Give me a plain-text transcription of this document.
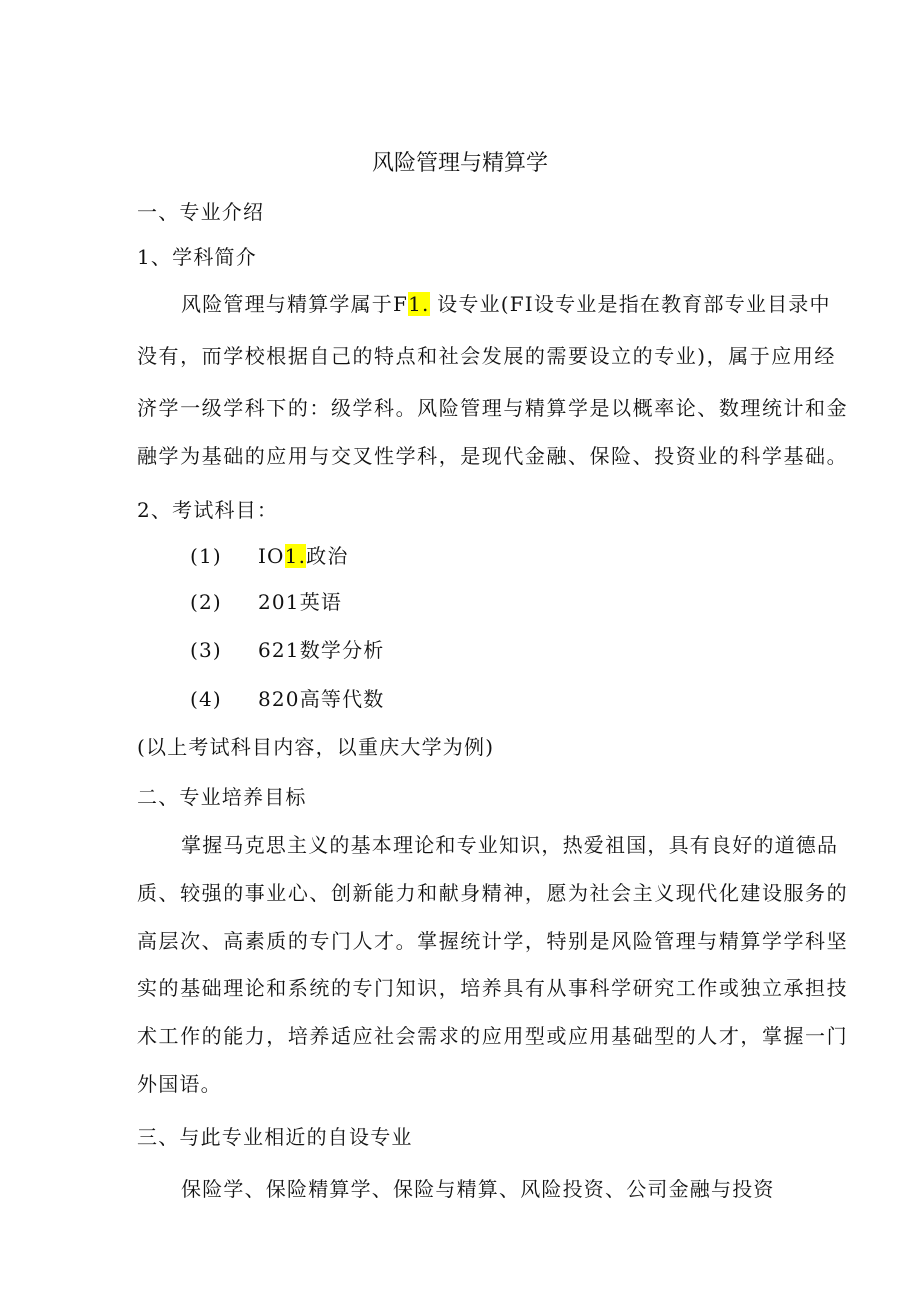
风险管理与精算学
一、专业介绍
1、学科简介
风险管理与精算学属于F1. 设专业(FI设专业是指在教育部专业目录中
没有，而学校根据自己的特点和社会发展的需要设立的专业)，属于应用经
济学一级学科下的：级学科。风险管理与精算学是以概率论、数理统计和金
融学为基础的应用与交叉性学科，是现代金融、保险、投资业的科学基础。
2、考试科目：
(1) IO1.政治
(2) 201英语
(3) 621数学分析
(4) 820高等代数
(以上考试科目内容，以重庆大学为例)
二、专业培养目标
掌握马克思主义的基本理论和专业知识，热爱祖国，具有良好的道德品
质、较强的事业心、创新能力和献身精神，愿为社会主义现代化建设服务的
高层次、高素质的专门人才。掌握统计学，特别是风险管理与精算学学科坚
实的基础理论和系统的专门知识，培养具有从事科学研究工作或独立承担技
术工作的能力，培养适应社会需求的应用型或应用基础型的人才，掌握一门
外国语。
三、与此专业相近的自设专业
保险学、保险精算学、保险与精算、风险投资、公司金融与投资
